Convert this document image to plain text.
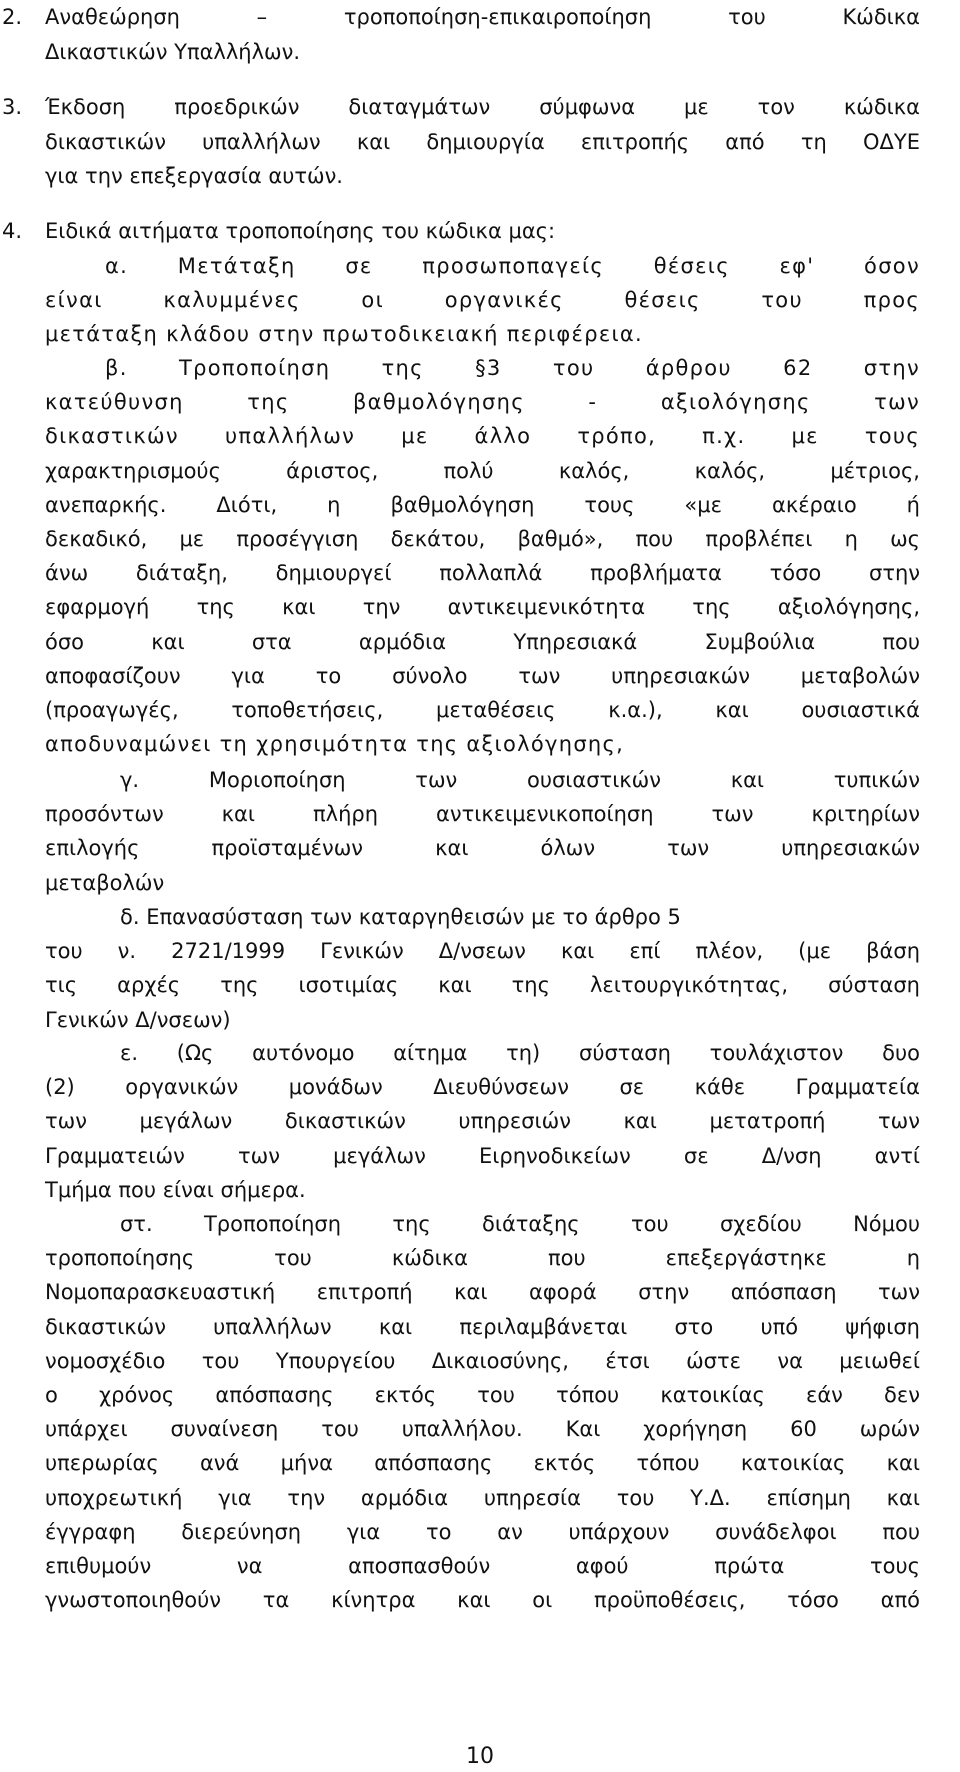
2. Αναθεώρηση – τροποποίηση-επικαιροποίηση του Κώδικα
Δικαστικών Υπαλλήλων.
3. Έκδοση προεδρικών διαταγμάτων σύμφωνα με τον κώδικα
δικαστικών υπαλλήλων και δημιουργία επιτροπής από τη ΟΔΥΕ
για την επεξεργασία αυτών.
4. Ειδικά αιτήματα τροποποίησης του κώδικα μας:
α. Μετάταξη σε προσωποπαγείς θέσεις εφ' όσον
είναι καλυμμένες οι οργανικές θέσεις του προς
μετάταξη κλάδου στην πρωτοδικειακή περιφέρεια.
β. Τροποποίηση της §3 του άρθρου 62 στην
κατεύθυνση της βαθμολόγησης - αξιολόγησης των
δικαστικών υπαλλήλων με άλλο τρόπο, π.χ. με τους
χαρακτηρισμούς άριστος, πολύ καλός, καλός, μέτριος,
ανεπαρκής. Διότι, η βαθμολόγηση τους «με ακέραιο ή
δεκαδικό, με προσέγγιση δεκάτου, βαθμό», που προβλέπει η ως
άνω διάταξη, δημιουργεί πολλαπλά προβλήματα τόσο στην
εφαρμογή της και την αντικειμενικότητα της αξιολόγησης,
όσο και στα αρμόδια Υπηρεσιακά Συμβούλια που
αποφασίζουν για το σύνολο των υπηρεσιακών μεταβολών
(προαγωγές, τοποθετήσεις, μεταθέσεις κ.α.), και ουσιαστικά
αποδυναμώνει τη χρησιμότητα της αξιολόγησης,
γ. Μοριοποίηση των ουσιαστικών και τυπικών
προσόντων και πλήρη αντικειμενικοποίηση των κριτηρίων
επιλογής προϊσταμένων και όλων των υπηρεσιακών
μεταβολών
δ. Επανασύσταση των καταργηθεισών με το άρθρο 5
του ν. 2721/1999 Γενικών Δ/νσεων και επί πλέον, (με βάση
τις αρχές της ισοτιμίας και της λειτουργικότητας, σύσταση
Γενικών Δ/νσεων)
ε. (Ως αυτόνομο αίτημα τη) σύσταση τουλάχιστον δυο
(2) οργανικών μονάδων Διευθύνσεων σε κάθε Γραμματεία
των μεγάλων δικαστικών υπηρεσιών και μετατροπή των
Γραμματειών των μεγάλων Ειρηνοδικείων σε Δ/νση αντί
Τμήμα που είναι σήμερα.
στ. Τροποποίηση της διάταξης του σχεδίου Νόμου
τροποποίησης του κώδικα που επεξεργάστηκε η
Νομοπαρασκευαστική επιτροπή και αφορά στην απόσπαση των
δικαστικών υπαλλήλων και περιλαμβάνεται στο υπό ψήφιση
νομοσχέδιο του Υπουργείου Δικαιοσύνης, έτσι ώστε να μειωθεί
ο χρόνος απόσπασης εκτός του τόπου κατοικίας εάν δεν
υπάρχει συναίνεση του υπαλλήλου. Και χορήγηση 60 ωρών
υπερωρίας ανά μήνα απόσπασης εκτός τόπου κατοικίας και
υποχρεωτική για την αρμόδια υπηρεσία του Υ.Δ. επίσημη και
έγγραφη διερεύνηση για το αν υπάρχουν συνάδελφοι που
επιθυμούν να αποσπασθούν αφού πρώτα τους
γνωστοποιηθούν τα κίνητρα και οι προϋποθέσεις, τόσο από
10
